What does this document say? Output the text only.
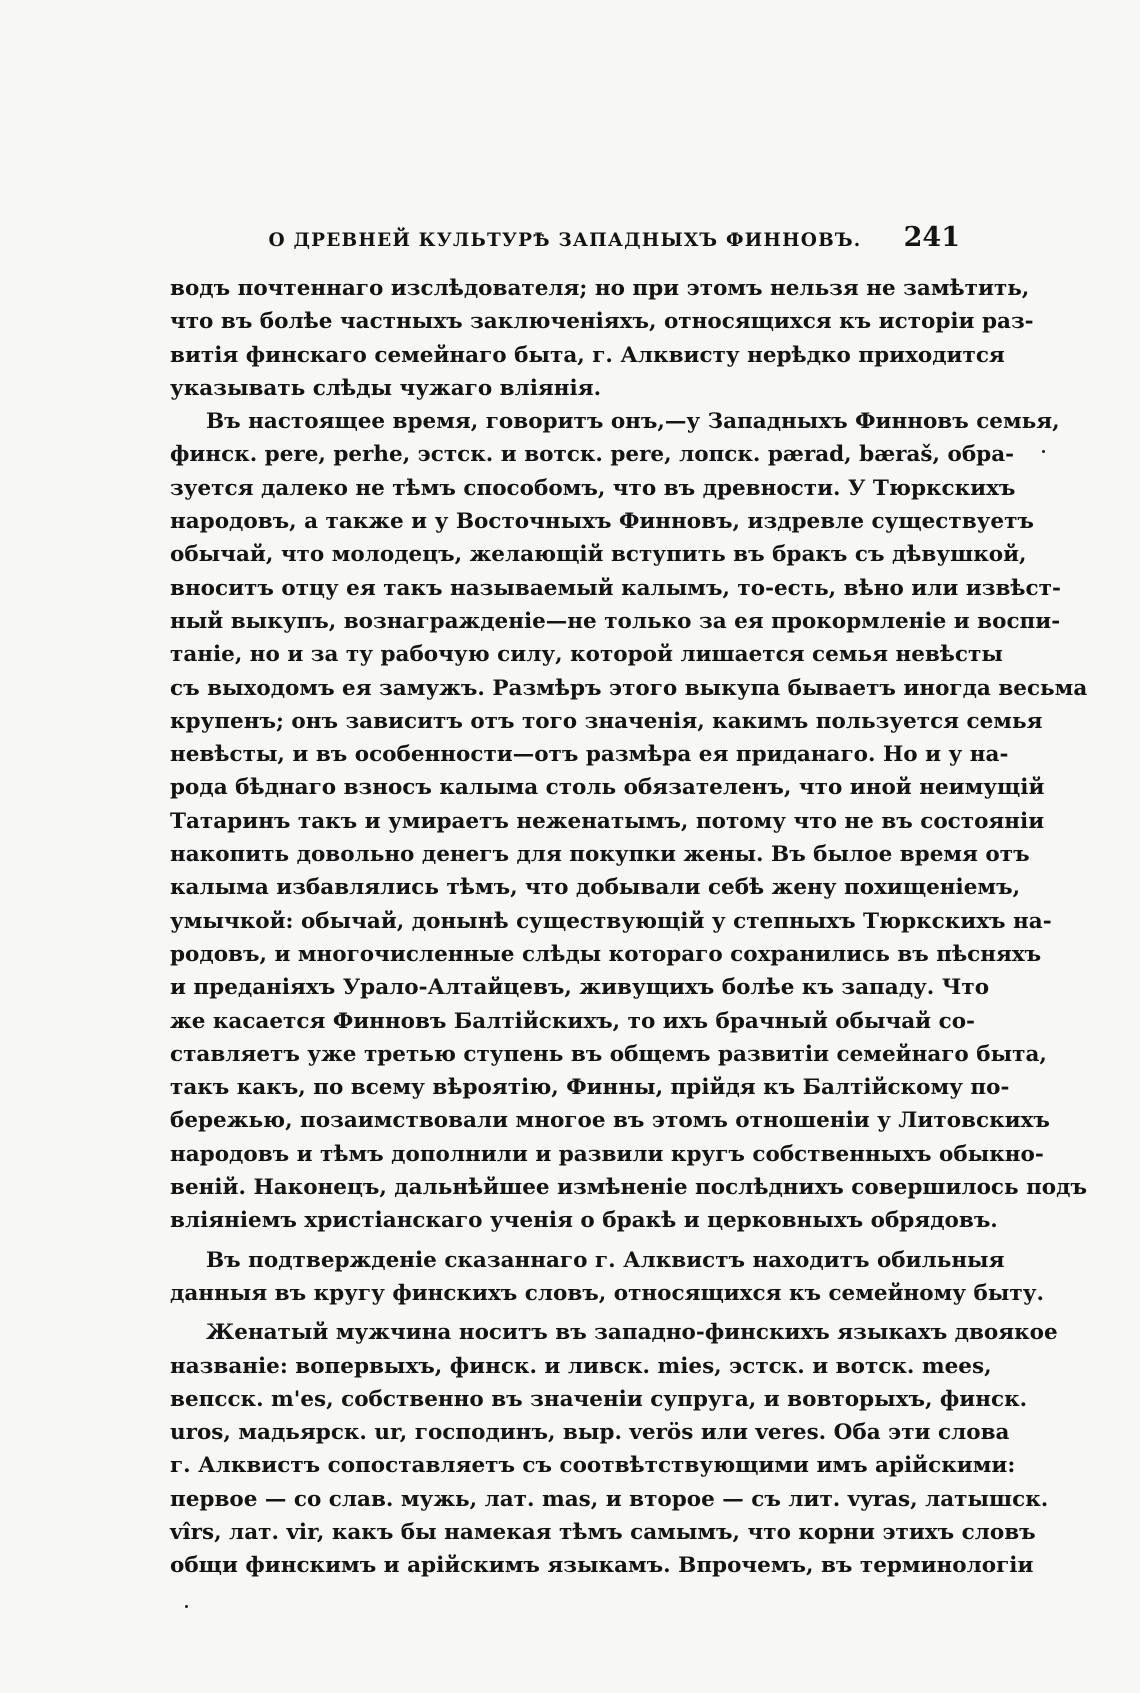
О ДРЕВНЕЙ КУЛЬТУРѢ ЗАПАДНЫХЪ ФИННОВЪ.	241
водъ почтеннаго изслѣдователя; но при этомъ нельзя не замѣтить,
что въ болѣе частныхъ заключеніяхъ, относящихся къ исторіи раз-
витія финскаго семейнаго быта, г. Алквисту нерѣдко приходится
указывать слѣды чужаго вліянія.
Въ настоящее время, говоритъ онъ,—у Западныхъ Финновъ семья,
финск. pere, perhe, эстск. и вотск. pere, лопск. pærad, bæraš, обра-
зуется далеко не тѣмъ способомъ, что въ древности. У Тюркскихъ
народовъ, а также и у Восточныхъ Финновъ, издревле существуетъ
обычай, что молодецъ, желающій вступить въ бракъ съ дѣвушкой,
вноситъ отцу ея такъ называемый калымъ, то-есть, вѣно или извѣст-
ный выкупъ, вознагражденіе—не только за ея прокормленіе и воспи-
таніе, но и за ту рабочую силу, которой лишается семья невѣсты
съ выходомъ ея замужъ. Размѣръ этого выкупа бываетъ иногда весьма
крупенъ; онъ зависитъ отъ того значенія, какимъ пользуется семья
невѣсты, и въ особенности—отъ размѣра ея приданаго. Но и у на-
рода бѣднаго взносъ калыма столь обязателенъ, что иной неимущій
Татаринъ такъ и умираетъ неженатымъ, потому что не въ состояніи
накопить довольно денегъ для покупки жены. Въ былое время отъ
калыма избавлялись тѣмъ, что добывали себѣ жену похищеніемъ,
умычкой: обычай, донынѣ существующій у степныхъ Тюркскихъ на-
родовъ, и многочисленные слѣды котораго сохранились въ пѣсняхъ
и преданіяхъ Урало-Алтайцевъ, живущихъ болѣе къ западу. Что
же касается Финновъ Балтійскихъ, то ихъ брачный обычай со-
ставляетъ уже третью ступень въ общемъ развитіи семейнаго быта,
такъ какъ, по всему вѣроятію, Финны, прійдя къ Балтійскому по-
бережью, позаимствовали многое въ этомъ отношеніи у Литовскихъ
народовъ и тѣмъ дополнили и развили кругъ собственныхъ обыкно-
веній. Наконецъ, дальнѣйшее измѣненіе послѣднихъ совершилось подъ
вліяніемъ христіанскаго ученія о бракѣ и церковныхъ обрядовъ.
Въ подтвержденіе сказаннаго г. Алквистъ находитъ обильныя
данныя въ кругу финскихъ словъ, относящихся къ семейному быту.
Женатый мужчина носитъ въ западно-финскихъ языкахъ двоякое
названіе: вопервыхъ, финск. и ливск. mies, эстск. и вотск. mees,
вепсск. m'es, собственно въ значеніи супруга, и вовторыхъ, финск.
uros, мадьярск. ur, господинъ, выр. verös или veres. Оба эти слова
г. Алквистъ сопоставляетъ съ соотвѣтствующими имъ арійскими:
первое — со слав. мужь, лат. mas, и второе — съ лит. vyras, латышск.
vîrs, лат. vir, какъ бы намекая тѣмъ самымъ, что корни этихъ словъ
общи финскимъ и арійскимъ языкамъ. Впрочемъ, въ терминологіи
